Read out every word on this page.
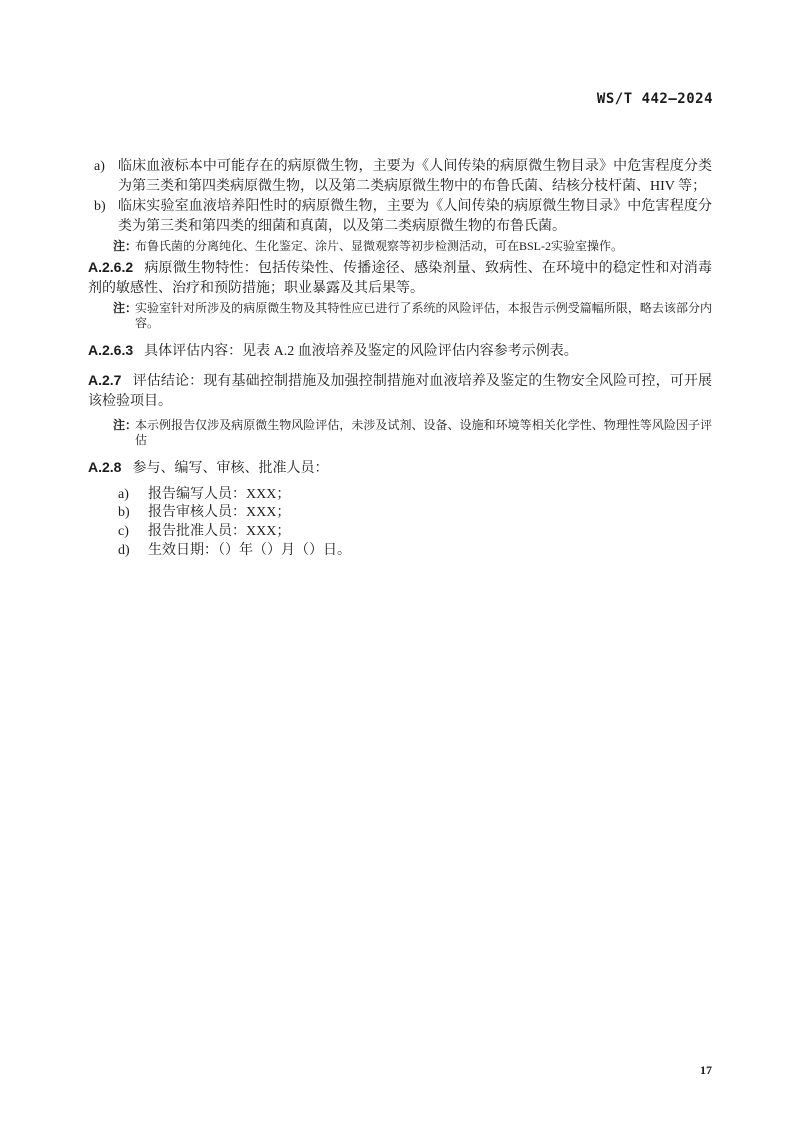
WS/T 442—2024
a) 临床血液标本中可能存在的病原微生物，主要为《人间传染的病原微生物目录》中危害程度分类为第三类和第四类病原微生物，以及第二类病原微生物中的布鲁氏菌、结核分枝杆菌、HIV 等；
b) 临床实验室血液培养阳性时的病原微生物，主要为《人间传染的病原微生物目录》中危害程度分类为第三类和第四类的细菌和真菌，以及第二类病原微生物的布鲁氏菌。
注：
布鲁氏菌的分离纯化、生化鉴定、涂片、显微观察等初步检测活动，可在BSL-2实验室操作。
A.2.6.2 病原微生物特性：包括传染性、传播途径、感染剂量、致病性、在环境中的稳定性和对消毒剂的敏感性、治疗和预防措施；职业暴露及其后果等。
注：
实验室针对所涉及的病原微生物及其特性应已进行了系统的风险评估，本报告示例受篇幅所限，略去该部分内容。
A.2.6.3 具体评估内容：见表 A.2 血液培养及鉴定的风险评估内容参考示例表。
A.2.7 评估结论：现有基础控制措施及加强控制措施对血液培养及鉴定的生物安全风险可控，可开展该检验项目。
注：
本示例报告仅涉及病原微生物风险评估，未涉及试剂、设备、设施和环境等相关化学性、物理性等风险因子评估
A.2.8 参与、编写、审核、批准人员：
a) 报告编写人员：XXX；
b) 报告审核人员：XXX；
c) 报告批准人员：XXX；
d) 生效日期：（）年（）月（）日。
17
